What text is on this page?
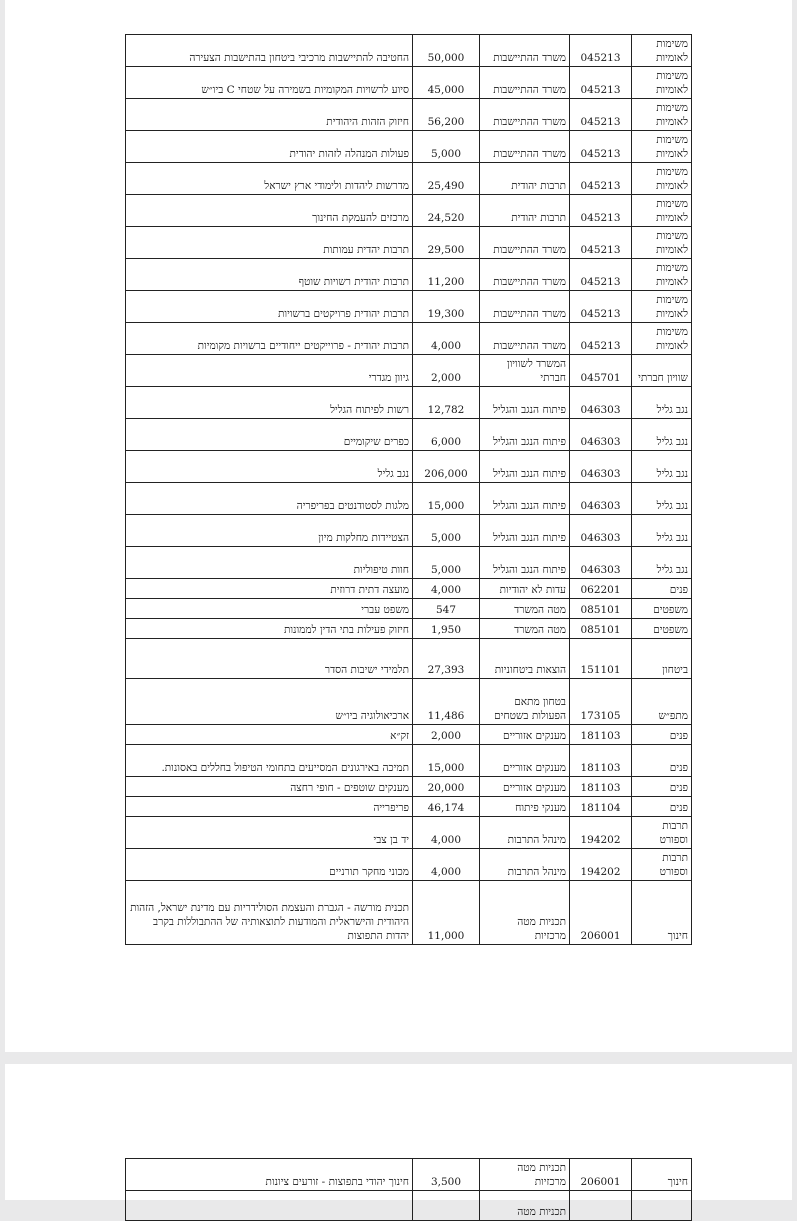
משימות לאומיות	045213	משרד ההתיישבות	50,000	החטיבה להתיישבות מרכיבי ביטחון בהתישבות הצעירה

משימות לאומיות	045213	משרד ההתיישבות	45,000	סיוע לרשויות המקומיות בשמירה על שטחי C ביו״ש

משימות לאומיות	045213	משרד ההתיישבות	56,200	חיזוק הזהות היהודית

משימות לאומיות	045213	משרד ההתיישבות	5,000	פעולות המנהלה לזהות יהודית

משימות לאומיות	045213	תרבות יהודית	25,490	מדרשות ליהדות ולימודי ארץ ישראל

משימות לאומיות	045213	תרבות יהודית	24,520	מרכזים להעמקת החינוך

משימות לאומיות	045213	משרד ההתיישבות	29,500	תרבות יהדית עמותות

משימות לאומיות	045213	משרד ההתיישבות	11,200	תרבות יהודית רשויות שוטף

משימות לאומיות	045213	משרד ההתיישבות	19,300	תרבות יהודית פרויקטים ברשויות

משימות לאומיות	045213	משרד ההתיישבות	4,000	תרבות יהודית - פרוייקטים ייחודיים ברשויות מקומיות

שוויון חברתי	045701	המשרד לשוויון חברתי	2,000	גיוון מגדרי

נגב גליל	046303	פיתוח הנגב והגליל	12,782	רשות לפיתוח הגליל

נגב גליל	046303	פיתוח הנגב והגליל	6,000	כפרים שיקומיים

נגב גליל	046303	פיתוח הנגב והגליל	206,000	נגב גליל

נגב גליל	046303	פיתוח הנגב והגליל	15,000	מלגות לסטודנטים בפריפריה

נגב גליל	046303	פיתוח הנגב והגליל	5,000	הצטיידות מחלקות מיון

נגב גליל	046303	פיתוח הנגב והגליל	5,000	חוות טיפוליות

פנים	062201	עדות לא יהודיות	4,000	מועצה דתית דרוזית

משפטים	085101	מטה המשרד	547	משפט עברי

משפטים	085101	מטה המשרד	1,950	חיזוק פעילות בתי הדין לממונות

ביטחון	151101	הוצאות ביטחוניות	27,393	תלמידי ישיבות הסדר

מתפ״ש	173105	בטחון מתאם הפעולות בשטחים	11,486	ארכיאולוגיה ביו״ש

פנים	181103	מענקים אזוריים	2,000	זק״א

פנים	181103	מענקים אזוריים	15,000	תמיכה באירגונים המסייעים בתחומי הטיפול בחללים באסונות.

פנים	181103	מענקים אזוריים	20,000	מענקים שוטפים - חופי רחצה

פנים	181104	מענקי פיתוח	46,174	פריפרייה

תרבות וספורט	194202	מינהל התרבות	4,000	יד בן צבי

תרבות וספורט	194202	מינהל התרבות	4,000	מכוני מחקר תורניים

חינוך	206001	תכניות מטה מרכזיות	11,000	תכנית מורשה - הגברת והעצמת הסולידריות עם מדינת ישראל, הזהות היהודית והישראלית והמודעות לתוצאותיה של ההתבוללות בקרב יהדות התפוצות
חינוך	206001	תכניות מטה מרכזיות	3,500	חינוך יהודי בתפוצות - זורעים ציונות

		תכניות מטה		
